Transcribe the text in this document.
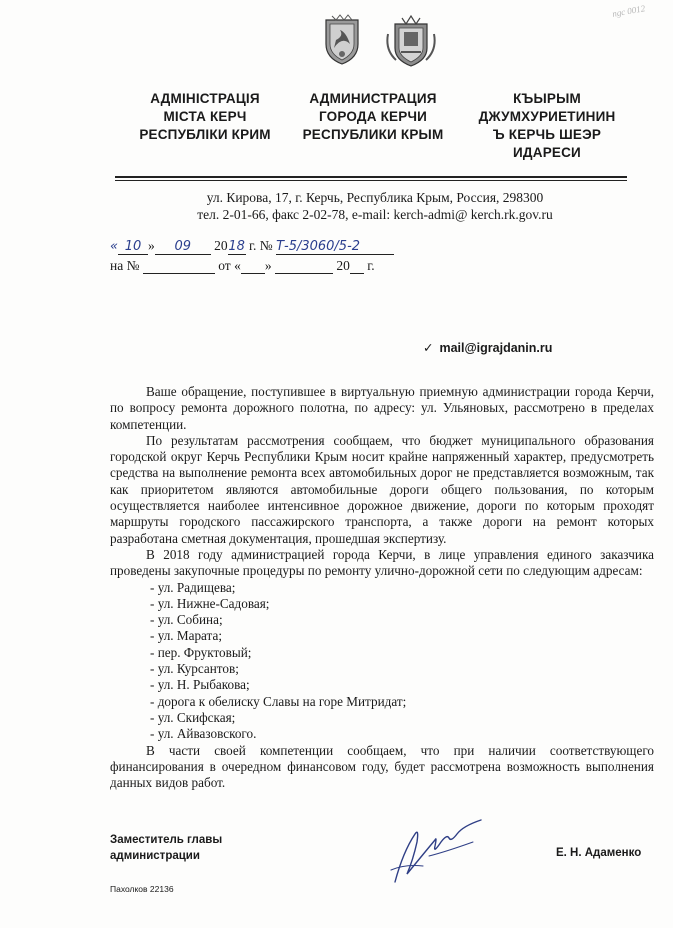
ngc 0012
АДМІНІСТРАЦІЯ
МІСТА КЕРЧ
РЕСПУБЛІКИ КРИМ
АДМИНИСТРАЦИЯ
ГОРОДА КЕРЧИ
РЕСПУБЛИКИ КРЫМ
КЪЫРЫМ
ДЖУМХУРИЕТИНИН
Ъ КЕРЧЬ ШЕЭР
ИДАРЕСИ
ул. Кирова, 17, г. Керчь, Республика Крым, Россия, 298300
тел. 2-01-66, факс 2-02-78, e-mail: kerch-admi@ kerch.rk.gov.ru
« 10 » 09 2018 г. № Т-5/3060/5-2
на №	от « »	20 г.
✓ mail@igrajdanin.ru

Ваше обращение, поступившее в виртуальную приемную администрации города Керчи, по вопросу ремонта дорожного полотна, по адресу: ул. Ульяновых, рассмотрено в пределах компетенции.

По результатам рассмотрения сообщаем, что бюджет муниципального образования городской округ Керчь Республики Крым носит крайне напряженный характер, предусмотреть средства на выполнение ремонта всех автомобильных дорог не представляется возможным, так как приоритетом являются автомобильные дороги общего пользования, по которым осуществляется наиболее интенсивное дорожное движение, дороги по которым проходят маршруты городского пассажирского транспорта, а также дороги на ремонт которых разработана сметная документация, прошедшая экспертизу.

В 2018 году администрацией города Керчи, в лице управления единого заказчика проведены закупочные процедуры по ремонту улично-дорожной сети по следующим адресам:

- ул. Радищева;
- ул. Нижне-Садовая;
- ул. Собина;
- ул. Марата;
- пер. Фруктовый;
- ул. Курсантов;
- ул. Н. Рыбакова;
- дорога к обелиску Славы на горе Митридат;
- ул. Скифская;
- ул. Айвазовского.

В части своей компетенции сообщаем, что при наличии соответствующего финансирования в очередном финансовом году, будет рассмотрена возможность выполнения данных видов работ.

Заместитель главы
администрации	Е. Н. Адаменко
Пахолков 22136
